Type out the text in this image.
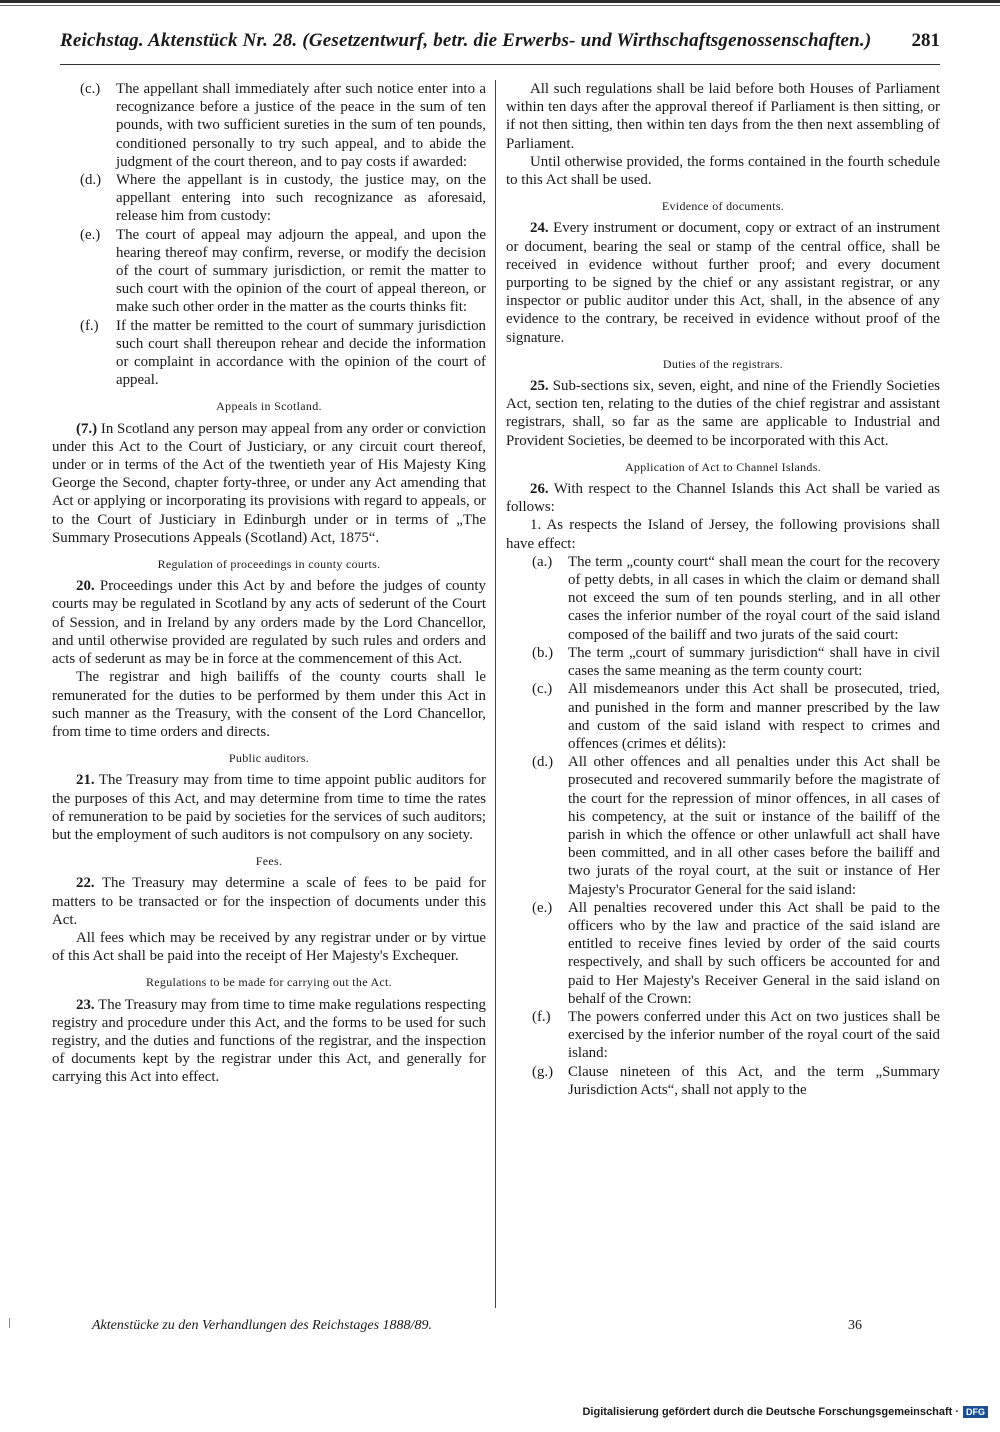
Reichstag. Aktenstück Nr. 28. (Gesetzentwurf, betr. die Erwerbs- und Wirthschaftsgenossenschaften.) 281
(c.)	The appellant shall immediately after such notice enter into a recognizance before a justice of the peace in the sum of ten pounds, with two sufficient sureties in the sum of ten pounds, conditioned personally to try such appeal, and to abide the judgment of the court thereon, and to pay costs if awarded:
(d.)	Where the appellant is in custody, the justice may, on the appellant entering into such recognizance as aforesaid, release him from custody:
(e.)	The court of appeal may adjourn the appeal, and upon the hearing thereof may confirm, reverse, or modify the decision of the court of summary jurisdiction, or remit the matter to such court with the opinion of the court of appeal thereon, or make such other order in the matter as the courts thinks fit:
(f.)	If the matter be remitted to the court of summary jurisdiction such court shall thereupon rehear and decide the information or complaint in accordance with the opinion of the court of appeal.
Appeals in Scotland.

(7.) In Scotland any person may appeal from any order or conviction under this Act to the Court of Justiciary, or any circuit court thereof, under or in terms of the Act of the twentieth year of His Majesty King George the Second, chapter forty-three, or under any Act amending that Act or applying or incorporating its provisions with regard to appeals, or to the Court of Justiciary in Edinburgh under or in terms of „The Summary Prosecutions Appeals (Scotland) Act, 1875“.

Regulation of proceedings in county courts.

20. Proceedings under this Act by and before the judges of county courts may be regulated in Scotland by any acts of sederunt of the Court of Session, and in Ireland by any orders made by the Lord Chancellor, and until otherwise provided are regulated by such rules and orders and acts of sederunt as may be in force at the commencement of this Act.

The registrar and high bailiffs of the county courts shall le remunerated for the duties to be performed by them under this Act in such manner as the Treasury, with the consent of the Lord Chancellor, from time to time orders and directs.

Public auditors.

21. The Treasury may from time to time appoint public auditors for the purposes of this Act, and may determine from time to time the rates of remuneration to be paid by societies for the services of such auditors; but the employment of such auditors is not compulsory on any society.

Fees.

22. The Treasury may determine a scale of fees to be paid for matters to be transacted or for the inspection of documents under this Act.

All fees which may be received by any registrar under or by virtue of this Act shall be paid into the receipt of Her Majesty's Exchequer.

Regulations to be made for carrying out the Act.

23. The Treasury may from time to time make regulations respecting registry and procedure under this Act, and the forms to be used for such registry, and the duties and functions of the registrar, and the inspection of documents kept by the registrar under this Act, and generally for carrying this Act into effect.

All such regulations shall be laid before both Houses of Parliament within ten days after the approval thereof if Parliament is then sitting, or if not then sitting, then within ten days from the then next assembling of Parliament.

Until otherwise provided, the forms contained in the fourth schedule to this Act shall be used.

Evidence of documents.

24. Every instrument or document, copy or extract of an instrument or document, bearing the seal or stamp of the central office, shall be received in evidence without further proof; and every document purporting to be signed by the chief or any assistant registrar, or any inspector or public auditor under this Act, shall, in the absence of any evidence to the contrary, be received in evidence without proof of the signature.

Duties of the registrars.

25. Sub-sections six, seven, eight, and nine of the Friendly Societies Act, section ten, relating to the duties of the chief registrar and assistant registrars, shall, so far as the same are applicable to Industrial and Provident Societies, be deemed to be incorporated with this Act.

Application of Act to Channel Islands.

26. With respect to the Channel Islands this Act shall be varied as follows:

1. As respects the Island of Jersey, the following provisions shall have effect:

(a.)	The term „county court“ shall mean the court for the recovery of petty debts, in all cases in which the claim or demand shall not exceed the sum of ten pounds sterling, and in all other cases the inferior number of the royal court of the said island composed of the bailiff and two jurats of the said court:
(b.)	The term „court of summary jurisdiction“ shall have in civil cases the same meaning as the term county court:
(c.)	All misdemeanors under this Act shall be prosecuted, tried, and punished in the form and manner prescribed by the law and custom of the said island with respect to crimes and offences (crimes et délits):
(d.)	All other offences and all penalties under this Act shall be prosecuted and recovered summarily before the magistrate of the court for the repression of minor offences, in all cases of his competency, at the suit or instance of the bailiff of the parish in which the offence or other unlawfull act shall have been committed, and in all other cases before the bailiff and two jurats of the royal court, at the suit or instance of Her Majesty's Procurator General for the said island:
(e.)	All penalties recovered under this Act shall be paid to the officers who by the law and practice of the said island are entitled to receive fines levied by order of the said courts respectively, and shall by such officers be accounted for and paid to Her Majesty's Receiver General in the said island on behalf of the Crown:
(f.)	The powers conferred under this Act on two justices shall be exercised by the inferior number of the royal court of the said island:
(g.)	Clause nineteen of this Act, and the term „Summary Jurisdiction Acts“, shall not apply to the
Aktenstücke zu den Verhandlungen des Reichstages 1888/89.	36
Digitalisierung gefördert durch die Deutsche Forschungsgemeinschaft · DFG
